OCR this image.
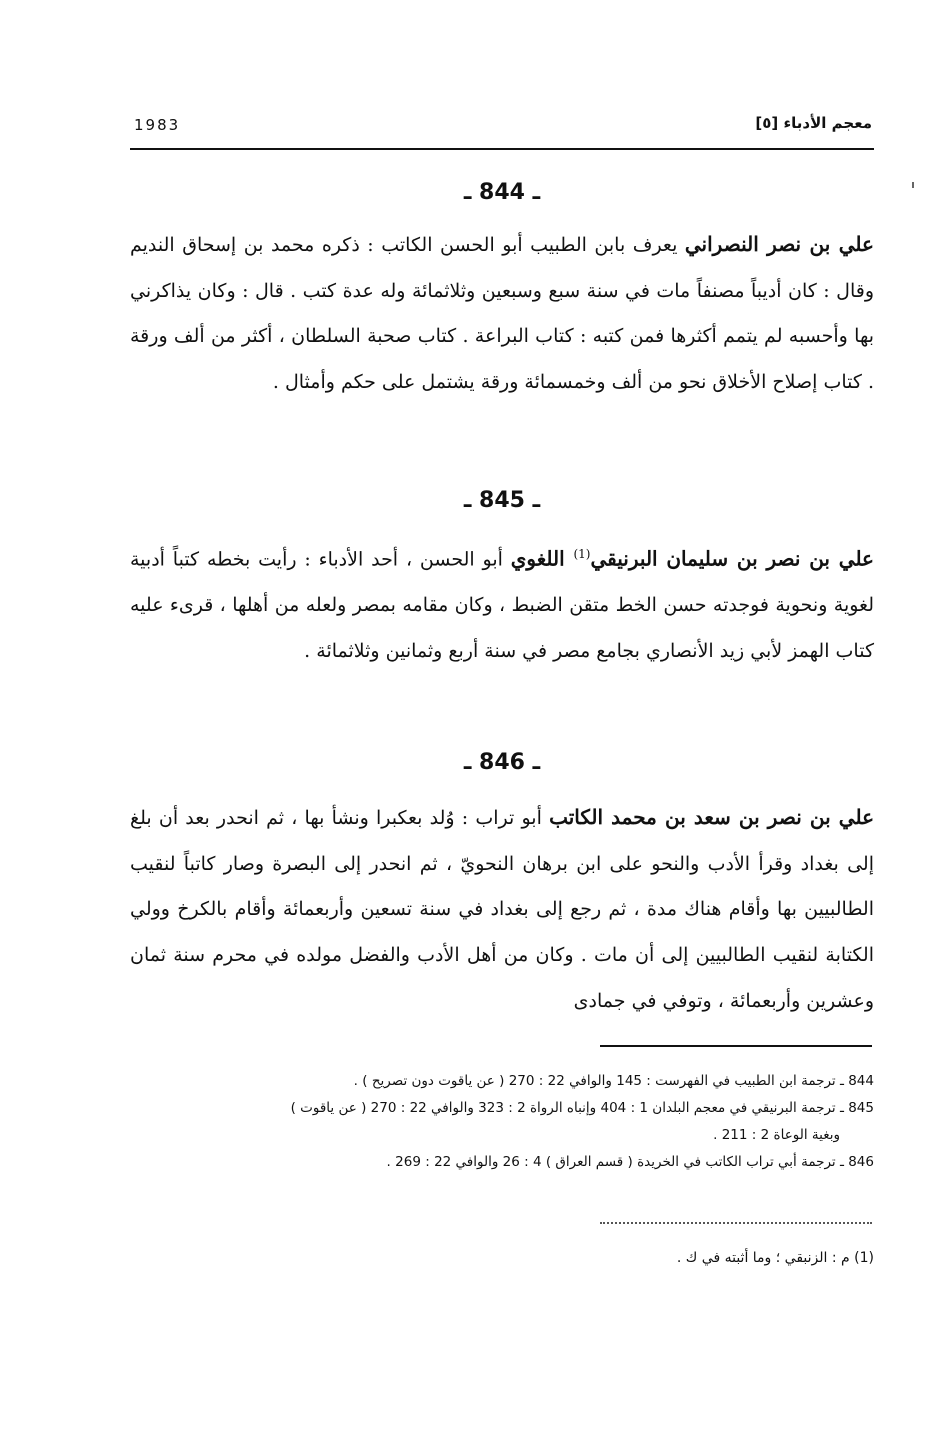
1983	معجم الأدباء [٥]
ـ 844 ـ
علي بن نصر النصراني يعرف بابن الطبيب أبو الحسن الكاتب : ذكره محمد بن إسحاق النديم وقال : كان أديباً مصنفاً مات في سنة سبع وسبعين وثلاثمائة وله عدة كتب . قال : وكان يذاكرني بها وأحسبه لم يتمم أكثرها فمن كتبه : كتاب البراعة . كتاب صحبة السلطان ، أكثر من ألف ورقة . كتاب إصلاح الأخلاق نحو من ألف وخمسمائة ورقة يشتمل على حكم وأمثال .
ـ 845 ـ
علي بن نصر بن سليمان البرنيقي$^{(1)}$ اللغوي أبو الحسن ، أحد الأدباء : رأيت بخطه كتباً أدبية لغوية ونحوية فوجدته حسن الخط متقن الضبط ، وكان مقامه بمصر ولعله من أهلها ، قرىء عليه كتاب الهمز لأبي زيد الأنصاري بجامع مصر في سنة أربع وثمانين وثلاثمائة .
ـ 846 ـ
علي بن نصر بن سعد بن محمد الكاتب أبو تراب : وُلد بعكبرا ونشأ بها ، ثم انحدر بعد أن بلغ إلى بغداد وقرأ الأدب والنحو على ابن برهان النحويّ ، ثم انحدر إلى البصرة وصار كاتباً لنقيب الطالبيين بها وأقام هناك مدة ، ثم رجع إلى بغداد في سنة تسعين وأربعمائة وأقام بالكرخ وولي الكتابة لنقيب الطالبيين إلى أن مات . وكان من أهل الأدب والفضل مولده في محرم سنة ثمان وعشرين وأربعمائة ، وتوفي في جمادى
844 ـ ترجمة ابن الطبيب في الفهرست : 145 والوافي 22 : 270 ( عن ياقوت دون تصريح ) .
845 ـ ترجمة البرنيقي في معجم البلدان 1 : 404 وإنباه الرواة 2 : 323 والوافي 22 : 270 ( عن ياقوت )
وبغية الوعاة 2 : 211 .
846 ـ ترجمة أبي تراب الكاتب في الخريدة ( قسم العراق ) 4 : 26 والوافي 22 : 269 .
(1) م : الزنبقي ؛ وما أثبته في ك .
